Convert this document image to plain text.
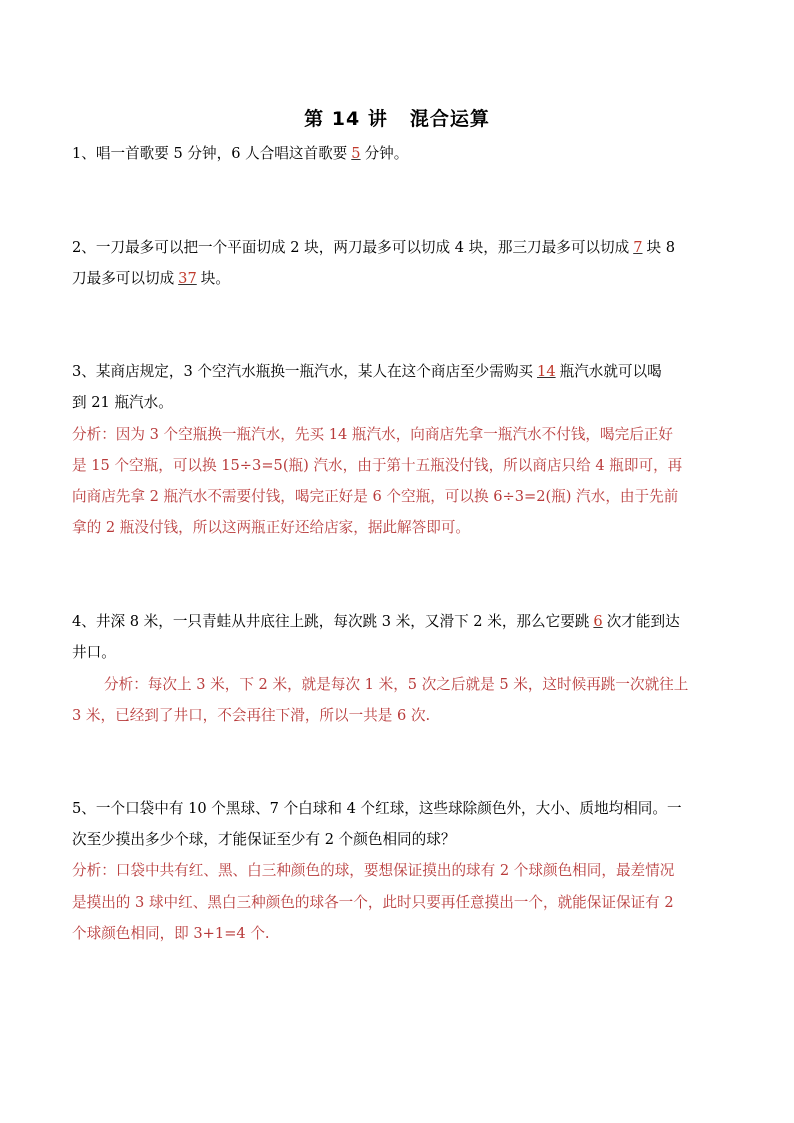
第 14 讲 混合运算
1、唱一首歌要 5 分钟，6 人合唱这首歌要 5 分钟。
2、一刀最多可以把一个平面切成 2 块，两刀最多可以切成 4 块，那三刀最多可以切成 7 块 8
刀最多可以切成 37 块。
3、某商店规定，3 个空汽水瓶换一瓶汽水，某人在这个商店至少需购买 14 瓶汽水就可以喝
到 21 瓶汽水。
分析：因为 3 个空瓶换一瓶汽水，先买 14 瓶汽水，向商店先拿一瓶汽水不付钱，喝完后正好
是 15 个空瓶，可以换 15÷3=5(瓶) 汽水，由于第十五瓶没付钱，所以商店只给 4 瓶即可，再
向商店先拿 2 瓶汽水不需要付钱，喝完正好是 6 个空瓶，可以换 6÷3=2(瓶) 汽水，由于先前
拿的 2 瓶没付钱，所以这两瓶正好还给店家，据此解答即可。
4、井深 8 米，一只青蛙从井底往上跳，每次跳 3 米，又滑下 2 米，那么它要跳 6 次才能到达
井口。
分析：每次上 3 米，下 2 米，就是每次 1 米，5 次之后就是 5 米，这时候再跳一次就往上
3 米，已经到了井口，不会再往下滑，所以一共是 6 次.
5、一个口袋中有 10 个黑球、7 个白球和 4 个红球，这些球除颜色外，大小、质地均相同。一
次至少摸出多少个球，才能保证至少有 2 个颜色相同的球？
分析：口袋中共有红、黑、白三种颜色的球，要想保证摸出的球有 2 个球颜色相同，最差情况
是摸出的 3 球中红、黑白三种颜色的球各一个，此时只要再任意摸出一个，就能保证保证有 2
个球颜色相同，即 3+1=4 个.
